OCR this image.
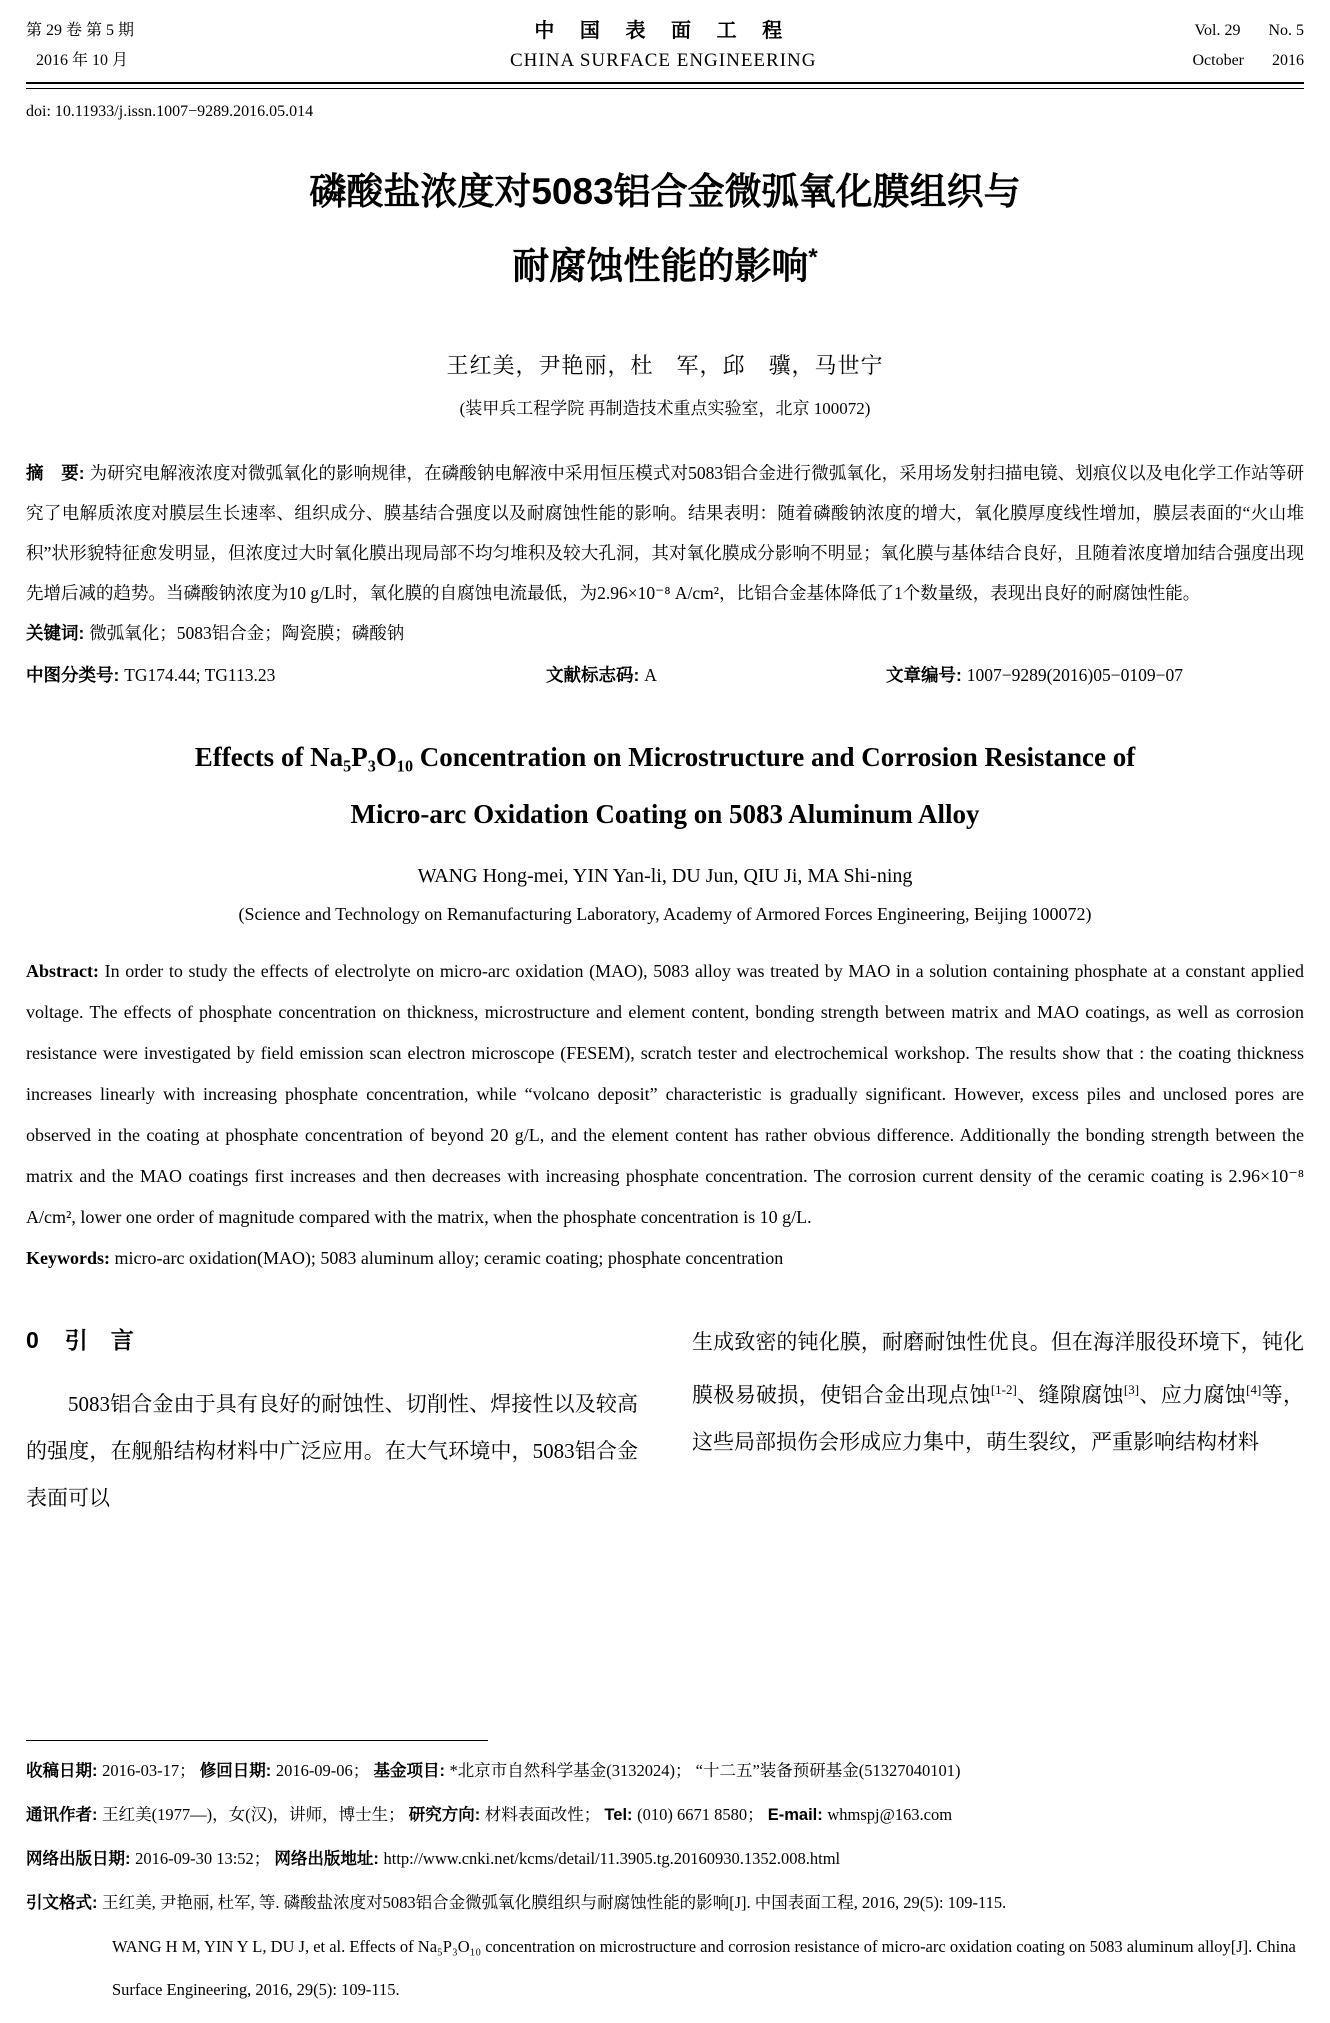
第 29 卷 第 5 期
2016 年 10 月
中 国 表 面 工 程
CHINA SURFACE ENGINEERING
Vol. 29 No. 5
October 2016
doi: 10.11933/j.issn.1007−9289.2016.05.014
磷酸盐浓度对5083铝合金微弧氧化膜组织与
耐腐蚀性能的影响*
王红美，尹艳丽，杜　军，邱　骥，马世宁
(装甲兵工程学院 再制造技术重点实验室，北京 100072)
摘　要: 为研究电解液浓度对微弧氧化的影响规律，在磷酸钠电解液中采用恒压模式对5083铝合金进行微弧氧化，采用场发射扫描电镜、划痕仪以及电化学工作站等研究了电解质浓度对膜层生长速率、组织成分、膜基结合强度以及耐腐蚀性能的影响。结果表明：随着磷酸钠浓度的增大，氧化膜厚度线性增加，膜层表面的“火山堆积”状形貌特征愈发明显，但浓度过大时氧化膜出现局部不均匀堆积及较大孔洞，其对氧化膜成分影响不明显；氧化膜与基体结合良好，且随着浓度增加结合强度出现先增后减的趋势。当磷酸钠浓度为10 g/L时，氧化膜的自腐蚀电流最低，为2.96×10⁻⁸ A/cm²，比铝合金基体降低了1个数量级，表现出良好的耐腐蚀性能。
关键词: 微弧氧化；5083铝合金；陶瓷膜；磷酸钠
中图分类号: TG174.44; TG113.23	文献标志码: A	文章编号: 1007−9289(2016)05−0109−07
Effects of Na₅P₃O₁₀ Concentration on Microstructure and Corrosion Resistance of
Micro-arc Oxidation Coating on 5083 Aluminum Alloy
WANG Hong-mei, YIN Yan-li, DU Jun, QIU Ji, MA Shi-ning
(Science and Technology on Remanufacturing Laboratory, Academy of Armored Forces Engineering, Beijing 100072)
Abstract: In order to study the effects of electrolyte on micro-arc oxidation (MAO), 5083 alloy was treated by MAO in a solution containing phosphate at a constant applied voltage. The effects of phosphate concentration on thickness, microstructure and element content, bonding strength between matrix and MAO coatings, as well as corrosion resistance were investigated by field emission scan electron microscope (FESEM), scratch tester and electrochemical workshop. The results show that : the coating thickness increases linearly with increasing phosphate concentration, while “volcano deposit” characteristic is gradually significant. However, excess piles and unclosed pores are observed in the coating at phosphate concentration of beyond 20 g/L, and the element content has rather obvious difference. Additionally the bonding strength between the matrix and the MAO coatings first increases and then decreases with increasing phosphate concentration. The corrosion current density of the ceramic coating is 2.96×10⁻⁸ A/cm², lower one order of magnitude compared with the matrix, when the phosphate concentration is 10 g/L.
Keywords: micro-arc oxidation(MAO); 5083 aluminum alloy; ceramic coating; phosphate concentration
0 引　言

5083铝合金由于具有良好的耐蚀性、切削性、焊接性以及较高的强度，在舰船结构材料中广泛应用。在大气环境中，5083铝合金表面可以

生成致密的钝化膜，耐磨耐蚀性优良。但在海洋服役环境下，钝化膜极易破损，使铝合金出现点蚀[1-2]、缝隙腐蚀[3]、应力腐蚀[4]等，这些局部损伤会形成应力集中，萌生裂纹，严重影响结构材料

收稿日期: 2016-03-17； 修回日期: 2016-09-06； 基金项目: *北京市自然科学基金(3132024)； “十二五”装备预研基金(51327040101)
通讯作者: 王红美(1977—)，女(汉)，讲师，博士生； 研究方向: 材料表面改性； Tel: (010) 6671 8580； E-mail: whmspj@163.com
网络出版日期: 2016-09-30 13:52； 网络出版地址: http://www.cnki.net/kcms/detail/11.3905.tg.20160930.1352.008.html
引文格式: 王红美, 尹艳丽, 杜军, 等. 磷酸盐浓度对5083铝合金微弧氧化膜组织与耐腐蚀性能的影响[J]. 中国表面工程, 2016, 29(5): 109-115.
WANG H M, YIN Y L, DU J, et al. Effects of Na₅P₃O₁₀ concentration on microstructure and corrosion resistance of micro-arc oxidation coating on 5083 aluminum alloy[J]. China Surface Engineering, 2016, 29(5): 109-115.
